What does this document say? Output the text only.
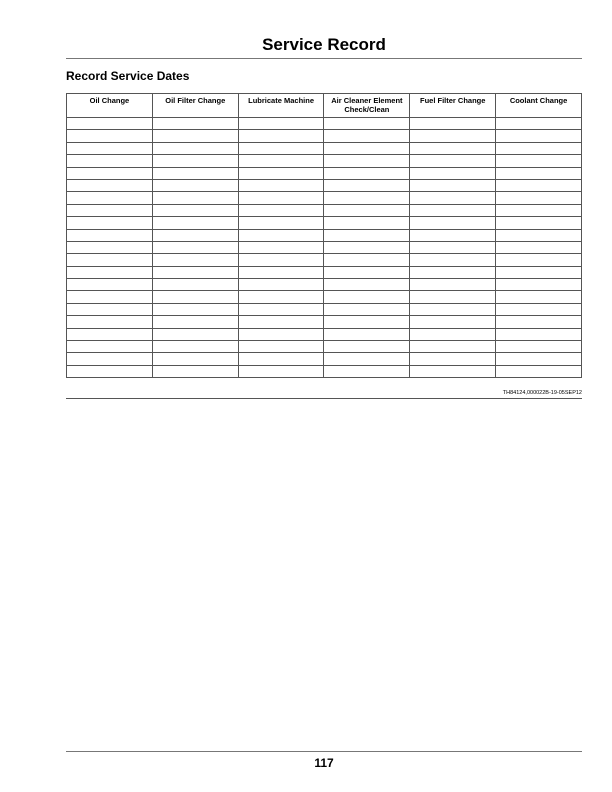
Service Record
Record Service Dates
Oil Change	Oil Filter Change	Lubricate Machine	Air Cleaner Element Check/Clean	Fuel Filter Change	Coolant Change

TH84124,000022B-19-05SEP12
117
